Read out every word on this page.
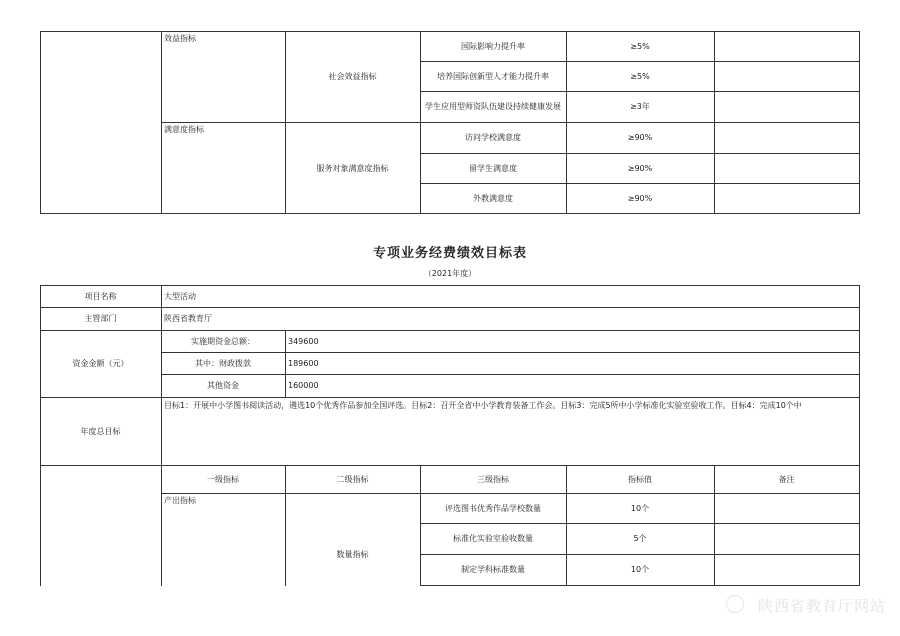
效益指标
社会效益指标
国际影响力提升率	≥5%
培养国际创新型人才能力提升率	≥5%
学生应用型师资队伍建设持续健康发展	≥3年
满意度指标
服务对象满意度指标
访问学校满意度	≥90%
留学生满意度	≥90%
外教满意度	≥90%
专项业务经费绩效目标表
（2021年度）
项目名称	大型活动
主管部门	陕西省教育厅
资金金额（元）
实施期资金总额：	349600
其中：财政拨款	189600
其他资金	160000
年度总目标
目标1：开展中小学图书阅读活动，遴选10个优秀作品参加全国评选。目标2：召开全省中小学教育装备工作会。目标3：完成5所中小学标准化实验室验收工作。目标4：完成10个中
一级指标	二级指标	三级指标	指标值	备注
产出指标
数量指标
评选图书优秀作品学校数量	10个
标准化实验室验收数量	5个
制定学科标准数量	10个
陕西省教育厅网站
